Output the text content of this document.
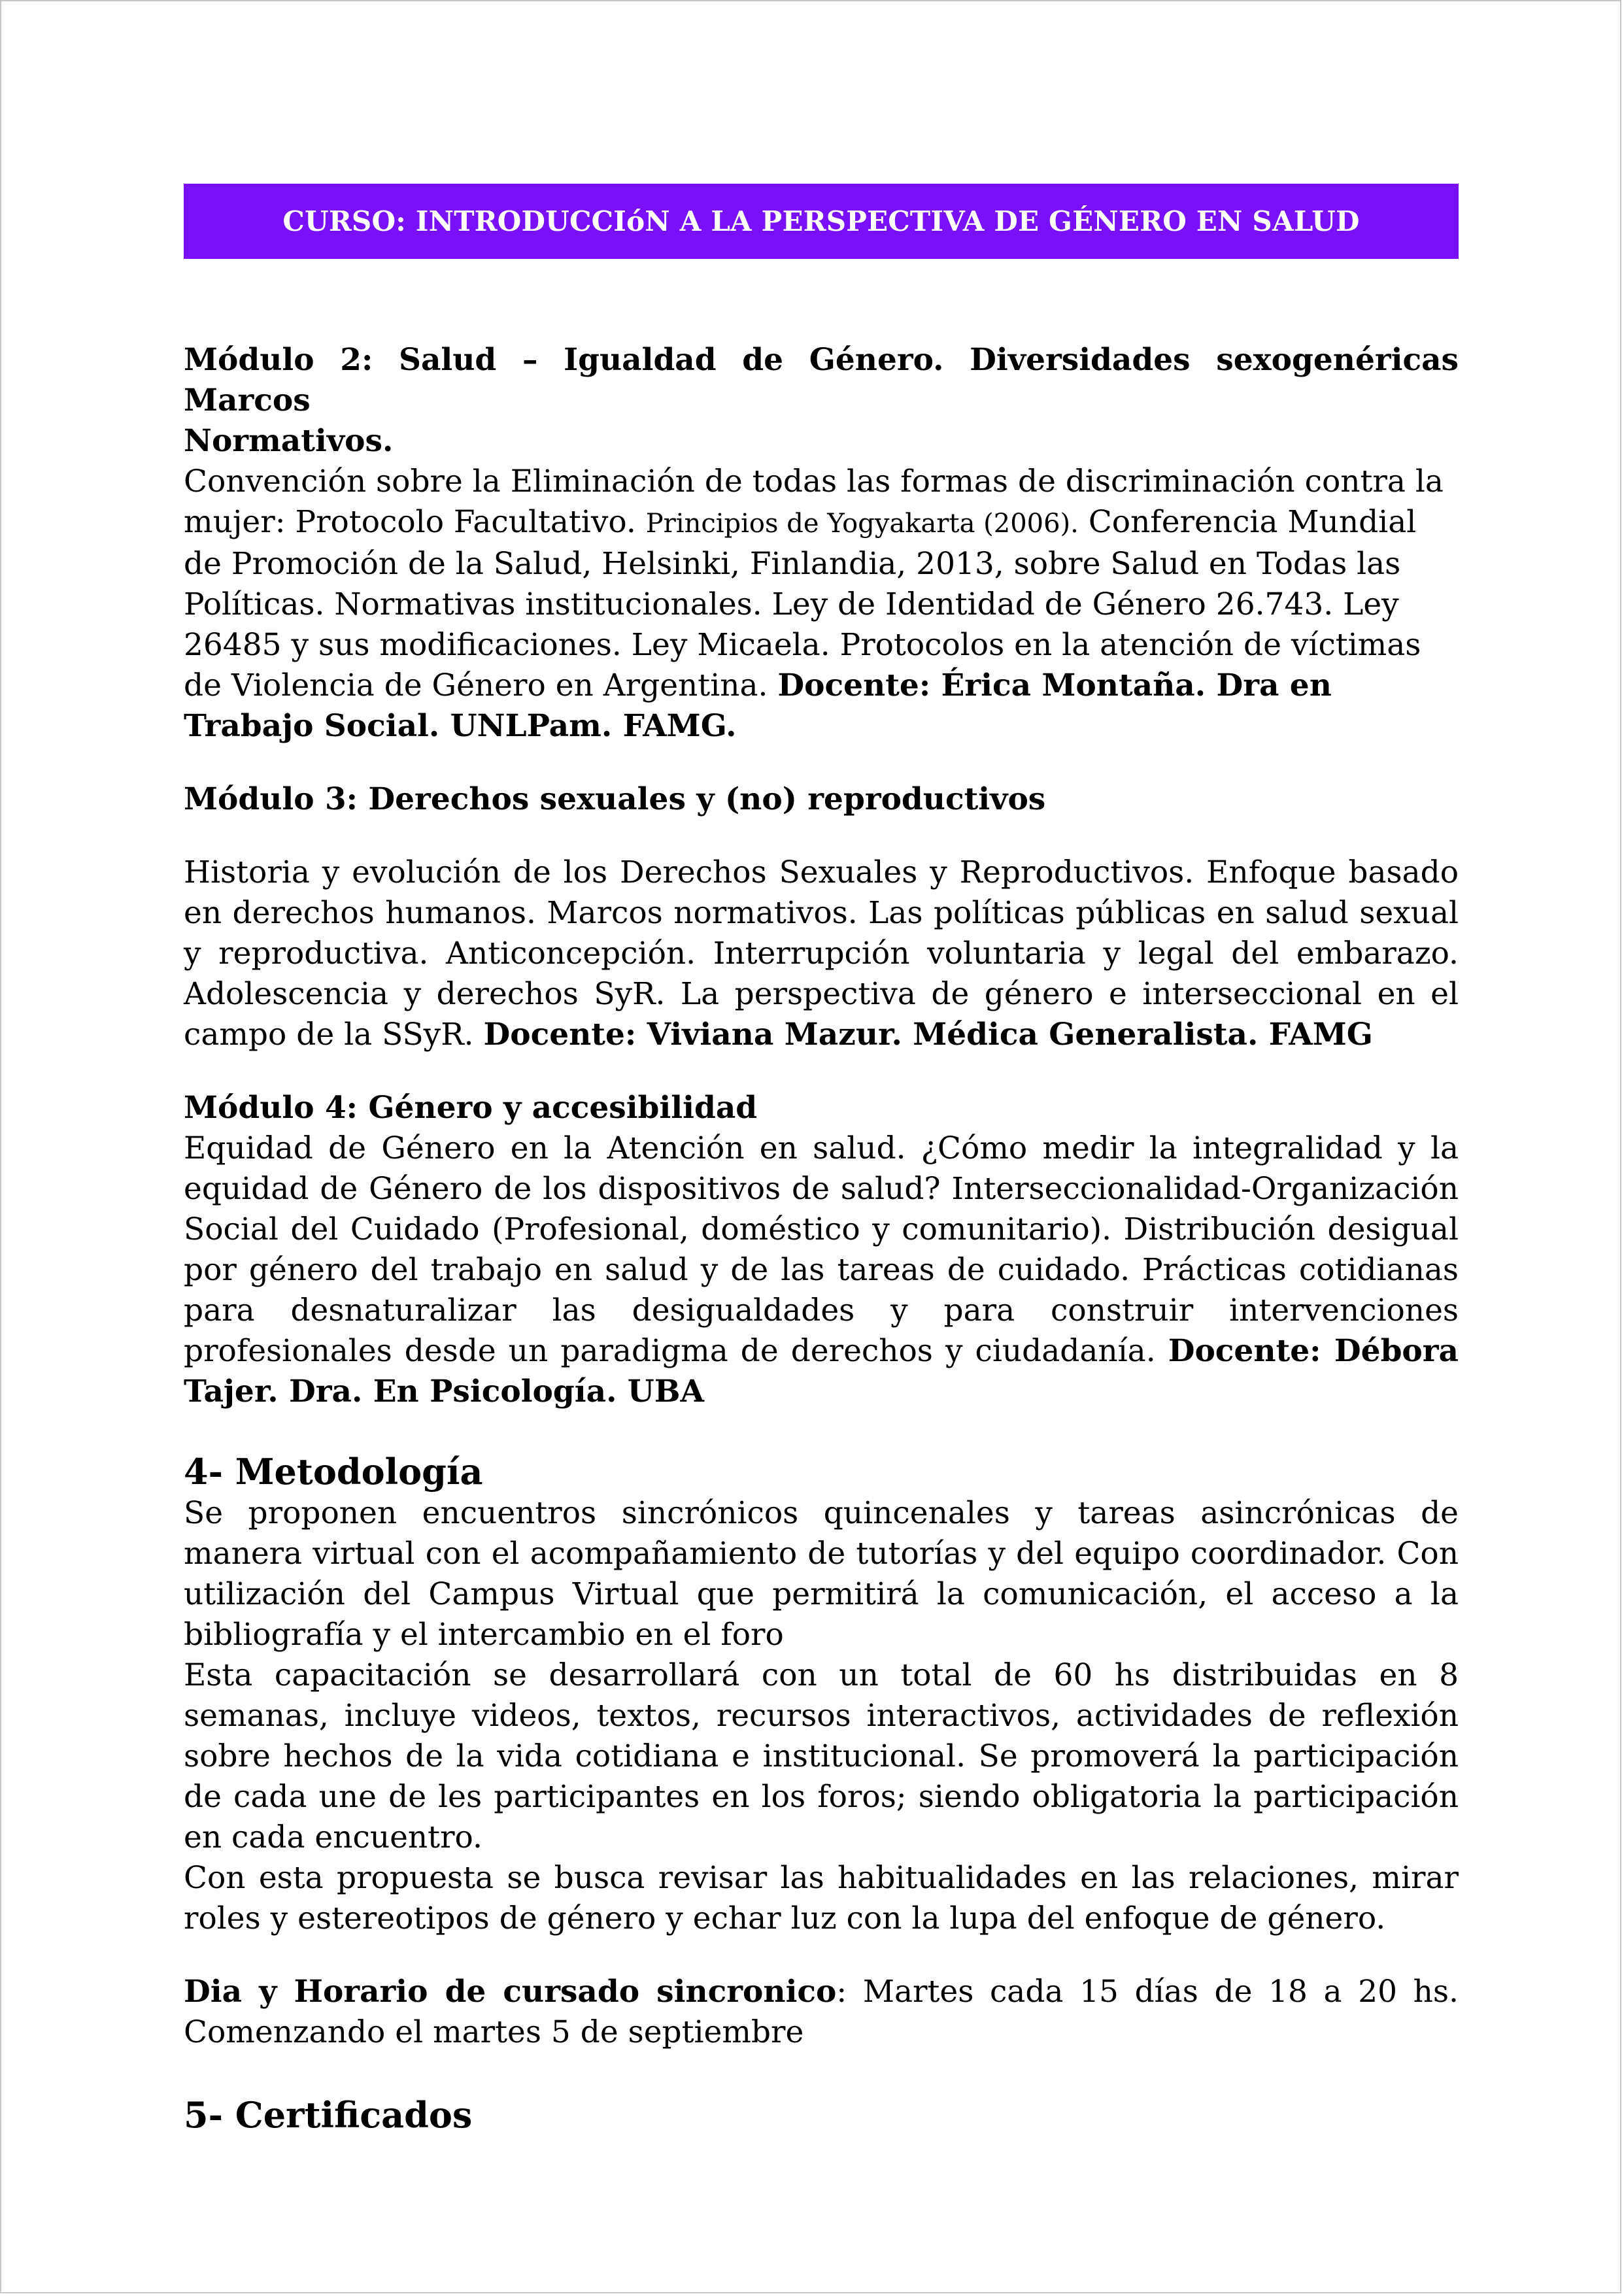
CURSO: INTRODUCCIóN A LA PERSPECTIVA DE GÉNERO EN SALUD

Módulo 2: Salud – Igualdad de Género. Diversidades sexogenéricas Marcos

Normativos.

Convención sobre la Eliminación de todas las formas de discriminación contra la mujer: Protocolo Facultativo. Principios de Yogyakarta (2006). Conferencia Mundial de Promoción de la Salud, Helsinki, Finlandia, 2013, sobre Salud en Todas las Políticas. Normativas institucionales. Ley de Identidad de Género 26.743. Ley 26485 y sus modificaciones. Ley Micaela. Protocolos en la atención de víctimas de Violencia de Género en Argentina. Docente: Érica Montaña. Dra en Trabajo Social. UNLPam. FAMG.

Módulo 3: Derechos sexuales y (no) reproductivos

Historia y evolución de los Derechos Sexuales y Reproductivos. Enfoque basado en derechos humanos. Marcos normativos. Las políticas públicas en salud sexual y reproductiva. Anticoncepción. Interrupción voluntaria y legal del embarazo. Adolescencia y derechos SyR. La perspectiva de género e interseccional en el campo de la SSyR. Docente: Viviana Mazur. Médica Generalista. FAMG

Módulo 4: Género y accesibilidad

Equidad de Género en la Atención en salud. ¿Cómo medir la integralidad y la equidad de Género de los dispositivos de salud? Interseccionalidad-Organización Social del Cuidado (Profesional, doméstico y comunitario). Distribución desigual por género del trabajo en salud y de las tareas de cuidado. Prácticas cotidianas para desnaturalizar las desigualdades y para construir intervenciones profesionales desde un paradigma de derechos y ciudadanía. Docente: Débora Tajer. Dra. En Psicología. UBA

4- Metodología

Se proponen encuentros sincrónicos quincenales y tareas asincrónicas de manera virtual con el acompañamiento de tutorías y del equipo coordinador. Con utilización del Campus Virtual que permitirá la comunicación, el acceso a la bibliografía y el intercambio en el foro

Esta capacitación se desarrollará con un total de 60 hs distribuidas en 8 semanas, incluye videos, textos, recursos interactivos, actividades de reflexión sobre hechos de la vida cotidiana e institucional. Se promoverá la participación de cada une de les participantes en los foros; siendo obligatoria la participación en cada encuentro.

Con esta propuesta se busca revisar las habitualidades en las relaciones, mirar roles y estereotipos de género y echar luz con la lupa del enfoque de género.

Dia y Horario de cursado sincronico: Martes cada 15 días de 18 a 20 hs. Comenzando el martes 5 de septiembre

5- Certificados
